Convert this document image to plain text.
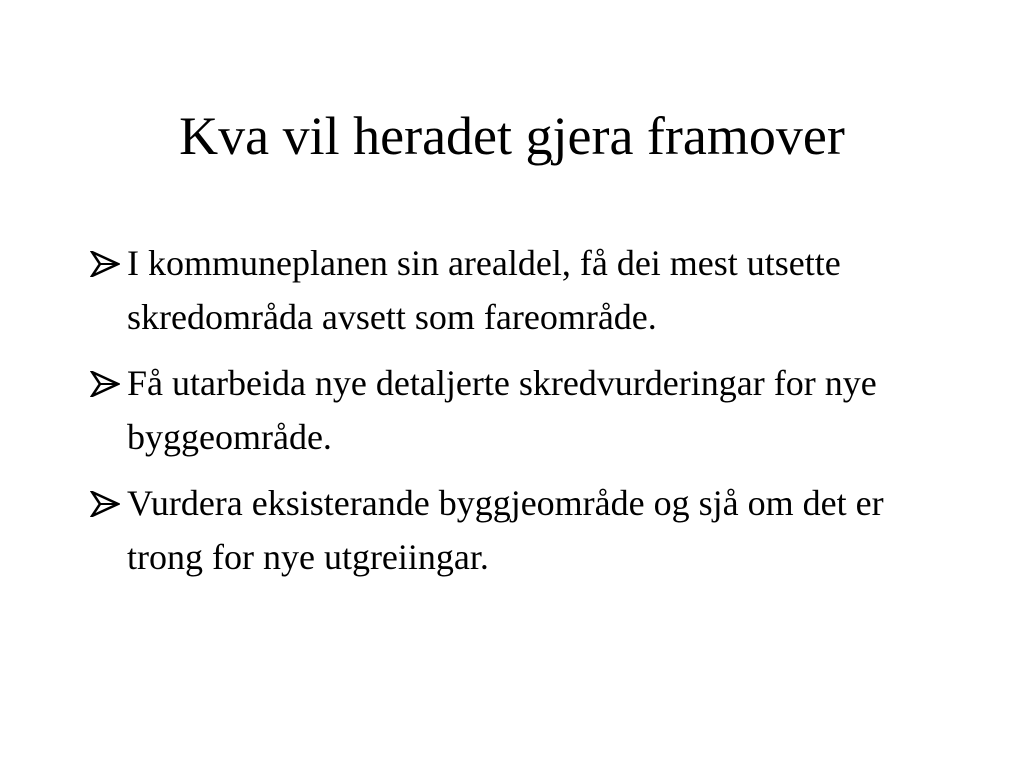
Kva vil heradet gjera framover
I kommuneplanen sin arealdel, få dei mest utsette skredområda avsett som fareområde.
Få utarbeida nye detaljerte skredvurderingar for nye byggeområde.
Vurdera eksisterande byggjeområde og sjå om det er trong for nye utgreiingar.
